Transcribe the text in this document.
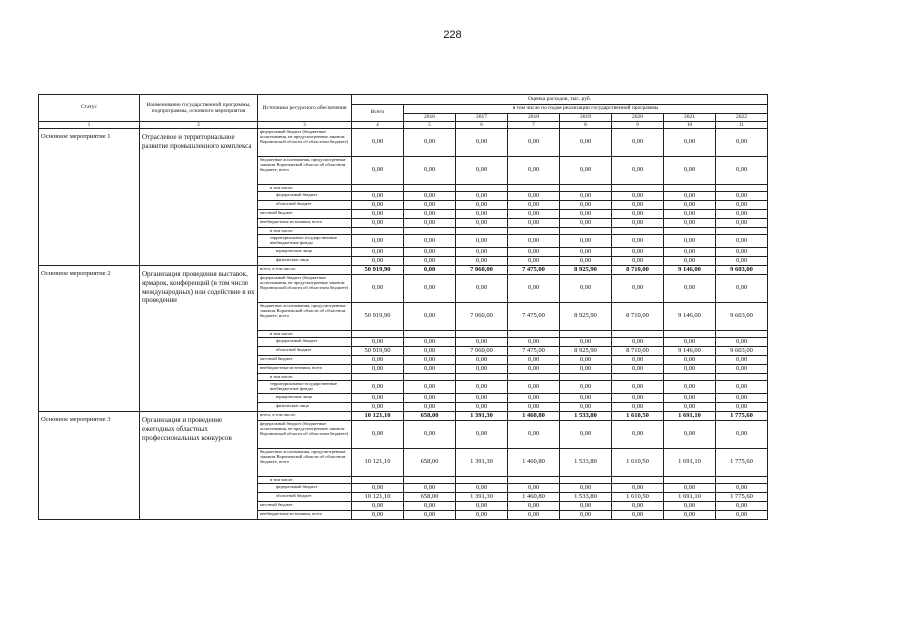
228
Статус	Наименование государственной программы, подпрограммы, основного мероприятия	Источники ресурсного обеспечения	Оценка расходов, тыс. руб.							
			Всего	в том числе по годам реализации государственной программы						
				2016	2017	2018	2019	2020	2021	2022
1	2	3	4	5	6	7	8	9	10	11
Основное мероприятие 1	Отраслевое и территориальное развитие промышленного комплекса	федеральный бюджет (бюджетные ассигнования, не предусмотренные законом Воронежской области об областном бюджете)	0,00	0,00	0,00	0,00	0,00	0,00	0,00	0,00
		бюджетные ассигнования, предусмотренные законом Воронежской области об областном бюджете, всего	0,00	0,00	0,00	0,00	0,00	0,00	0,00	0,00
		в том числе:								
		федеральный бюджет	0,00	0,00	0,00	0,00	0,00	0,00	0,00	0,00
		областной бюджет	0,00	0,00	0,00	0,00	0,00	0,00	0,00	0,00
		местный бюджет	0,00	0,00	0,00	0,00	0,00	0,00	0,00	0,00
		внебюджетные источники, всего	0,00	0,00	0,00	0,00	0,00	0,00	0,00	0,00
		в том числе:								
		территориальные государственные внебюджетные фонды	0,00	0,00	0,00	0,00	0,00	0,00	0,00	0,00
		юридические лица	0,00	0,00	0,00	0,00	0,00	0,00	0,00	0,00
		физические лица	0,00	0,00	0,00	0,00	0,00	0,00	0,00	0,00
Основное мероприятие 2	Организация проведения выставок, ярмарок, конференций (в том числе международных) или содействие в их проведении	всего, в том числе:	50 919,90	0,00	7 060,00	7 475,00	8 925,90	8 710,00	9 146,00	9 603,00
		федеральный бюджет (бюджетные ассигнования, не предусмотренные законом Воронежской области об областном бюджете)	0,00	0,00	0,00	0,00	0,00	0,00	0,00	0,00
		бюджетные ассигнования, предусмотренные законом Воронежской области об областном бюджете, всего	50 919,90	0,00	7 060,00	7 475,00	8 925,90	8 710,00	9 146,00	9 603,00
		в том числе:								
		федеральный бюджет	0,00	0,00	0,00	0,00	0,00	0,00	0,00	0,00
		областной бюджет	50 919,90	0,00	7 060,00	7 475,00	8 925,90	8 710,00	9 146,00	9 603,00
		местный бюджет	0,00	0,00	0,00	0,00	0,00	0,00	0,00	0,00
		внебюджетные источники, всего	0,00	0,00	0,00	0,00	0,00	0,00	0,00	0,00
		в том числе:								
		территориальные государственные внебюджетные фонды	0,00	0,00	0,00	0,00	0,00	0,00	0,00	0,00
		юридические лица	0,00	0,00	0,00	0,00	0,00	0,00	0,00	0,00
		физические лица	0,00	0,00	0,00	0,00	0,00	0,00	0,00	0,00
Основное мероприятие 3	Организация и проведение ежегодных областных профессиональных конкурсов	всего, в том числе:	10 121,10	658,00	1 391,30	1 460,80	1 533,80	1 610,50	1 691,10	1 775,60
		федеральный бюджет (бюджетные ассигнования, не предусмотренные законом Воронежской области об областном бюджете)	0,00	0,00	0,00	0,00	0,00	0,00	0,00	0,00
		бюджетные ассигнования, предусмотренные законом Воронежской области об областном бюджете, всего	10 121,10	658,00	1 391,30	1 460,80	1 533,80	1 610,50	1 691,10	1 775,60
		в том числе:								
		федеральный бюджет	0,00	0,00	0,00	0,00	0,00	0,00	0,00	0,00
		областной бюджет	10 121,10	658,00	1 391,30	1 460,80	1 533,80	1 610,50	1 691,10	1 775,60
		местный бюджет	0,00	0,00	0,00	0,00	0,00	0,00	0,00	0,00
		внебюджетные источники, всего	0,00	0,00	0,00	0,00	0,00	0,00	0,00	0,00
